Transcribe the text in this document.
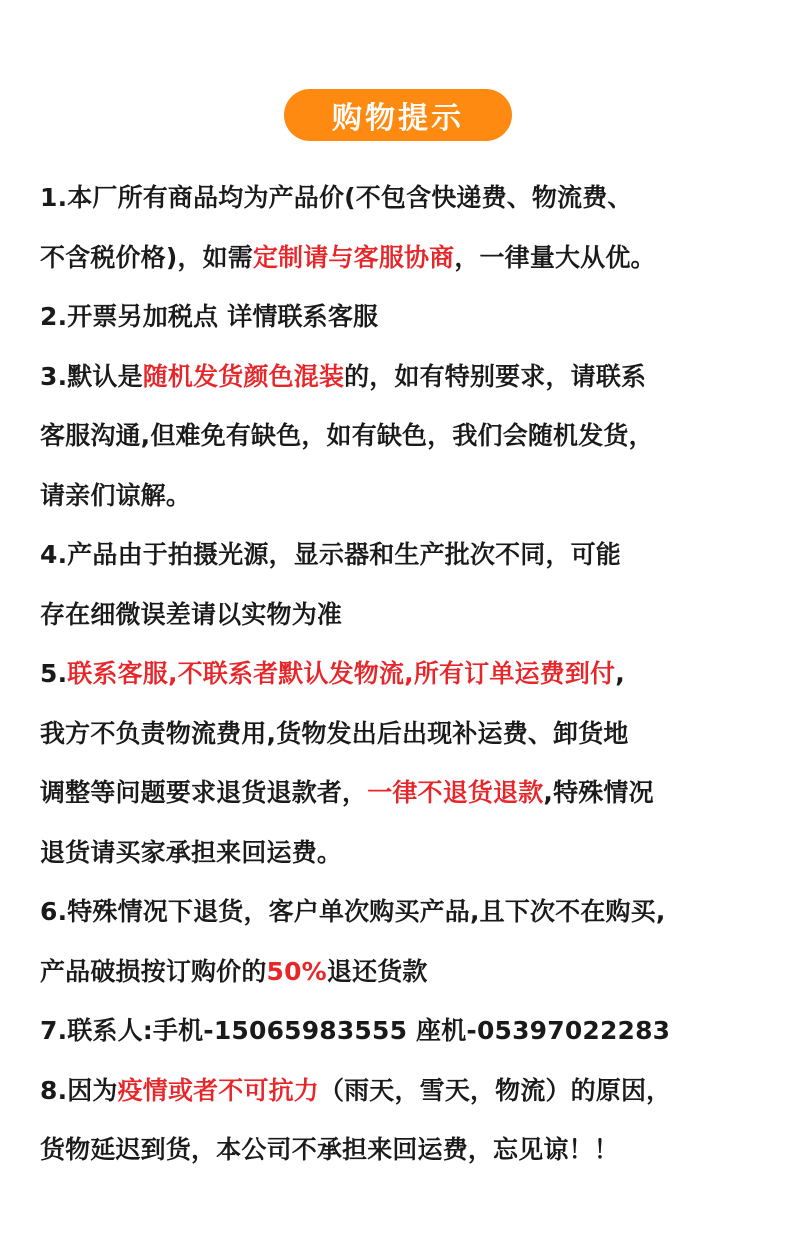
购物提示
1.本厂所有商品均为产品价(不包含快递费、物流费、
不含税价格)，如需定制请与客服协商，一律量大从优。
2.开票另加税点 详情联系客服
3.默认是随机发货颜色混装的，如有特别要求，请联系
客服沟通,但难免有缺色，如有缺色，我们会随机发货，
请亲们谅解。
4.产品由于拍摄光源，显示器和生产批次不同，可能
存在细微误差请以实物为准
5.联系客服,不联系者默认发物流,所有订单运费到付,
我方不负责物流费用,货物发出后出现补运费、卸货地
调整等问题要求退货退款者，一律不退货退款,特殊情况
退货请买家承担来回运费。
6.特殊情况下退货，客户单次购买产品,且下次不在购买,
产品破损按订购价的50%退还货款
7.联系人:手机-15065983555 座机-05397022283
8.因为疫情或者不可抗力（雨天，雪天，物流）的原因，
货物延迟到货，本公司不承担来回运费，忘见谅！！
